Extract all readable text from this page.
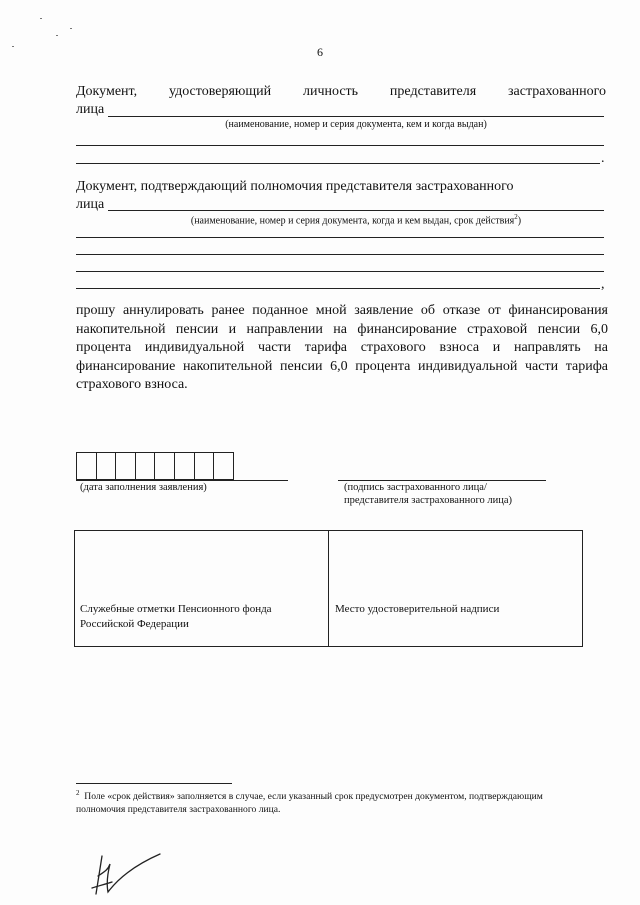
6
Документ, удостоверяющий личность представителя застрахованного
лица
(наименование, номер и серия документа, кем и когда выдан)
.
Документ, подтверждающий полномочия представителя застрахованного
лица
(наименование, номер и серия документа, когда и кем выдан, срок действия$^2$)
,
прошу аннулировать ранее поданное мной заявление об отказе от финансирования накопительной пенсии и направлении на финансирование страховой пенсии 6,0 процента индивидуальной части тарифа страхового взноса и направлять на финансирование накопительной пенсии 6,0 процента индивидуальной части тарифа страхового взноса.
(дата заполнения заявления)	(подпись застрахованного лица/
представителя застрахованного лица)
Служебные отметки Пенсионного фонда
Российской Федерации
Место удостоверительной надписи
$^2$ Поле «срок действия» заполняется в случае, если указанный срок предусмотрен документом, подтверждающим
полномочия представителя застрахованного лица.
